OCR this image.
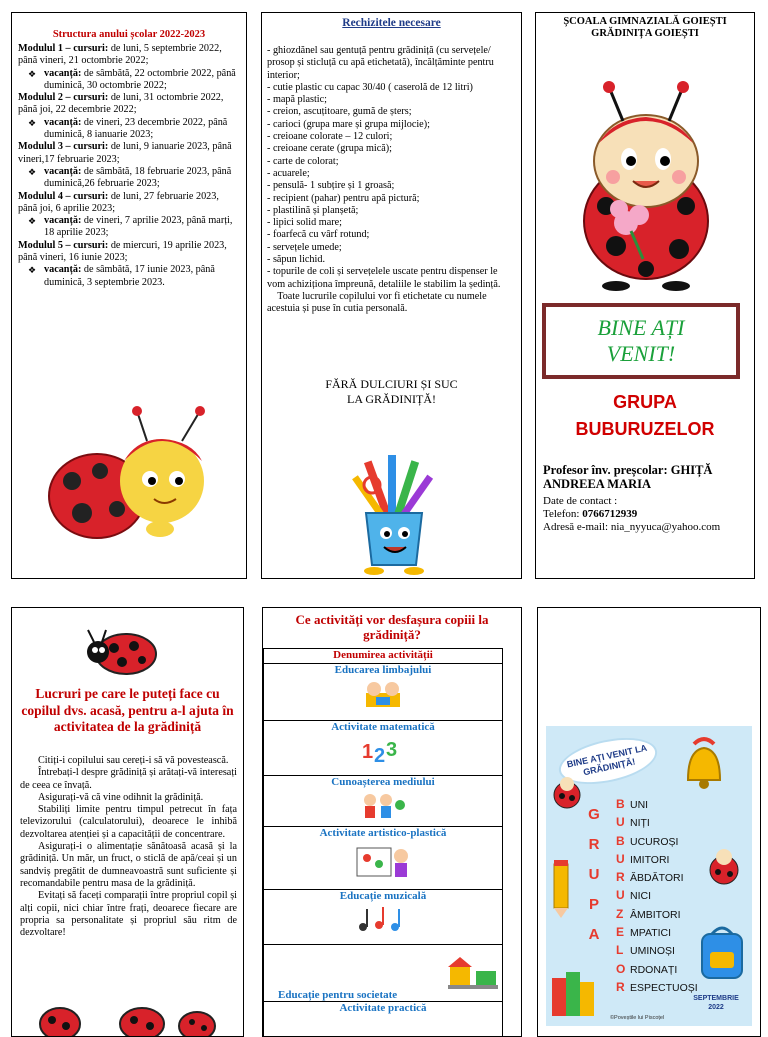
Structura anului școlar 2022-2023
Modulul 1 – cursuri: de luni, 5 septembrie 2022, până vineri, 21 octombrie 2022;
❖ vacanță: de sâmbătă, 22 octombrie 2022, până duminică, 30 octombrie 2022;
Modulul 2 – cursuri: de luni, 31 octombrie 2022, până joi, 22 decembrie 2022;
❖ vacanță: de vineri, 23 decembrie 2022, până duminică, 8 ianuarie 2023;
Modulul 3 – cursuri: de luni, 9 ianuarie 2023, până vineri,17 februarie 2023;
❖ vacanță: de sâmbătă, 18 februarie 2023, până duminică,26 februarie 2023;
Modulul 4 – cursuri: de luni, 27 februarie 2023, până joi, 6 aprilie 2023;
❖ vacanță: de vineri, 7 aprilie 2023, până marți, 18 aprilie 2023;
Modulul 5 – cursuri: de miercuri, 19 aprilie 2023, până vineri, 16 iunie 2023;
❖ vacanță: de sâmbătă, 17 iunie 2023, până duminică, 3 septembrie 2023.
Rechizitele necesare
- ghiozdănel sau gentuță pentru grădiniță (cu servețele/ prosop și sticluță cu apă etichetată), încălțăminte pentru interior;
- cutie plastic cu capac 30/40 ( caserolă de 12 litri)
- mapă plastic;
- creion, ascuțitoare, gumă de șters;
- carioci (grupa mare și grupa mijlocie);
- creioane colorate – 12 culori;
- creioane cerate (grupa mică);
- carte de colorat;
- acuarele;
- pensulă- 1 subțire și 1 groasă;
- recipient (pahar) pentru apă pictură;
- plastilină și planșetă;
- lipici solid mare;
- foarfecă cu vârf rotund;
- servețele umede;
- săpun lichid.
- topurile de coli și servețelele uscate pentru dispenser le vom achiziționa împreună, detaliile le stabilim la ședință.
Toate lucrurile copilului vor fi etichetate cu numele acestuia și puse în cutia personală.
FĂRĂ DULCIURI ȘI SUC
LA GRĂDINIȚĂ!
ȘCOALA GIMNAZIALĂ GOIEȘTI
GRĂDINIȚA GOIEȘTI
BINE AȚI
VENIT!
GRUPA
BUBURUZELOR
Profesor înv. preșcolar: GHIȚĂ ANDREEA MARIA
Date de contact :
Telefon: 0766712939
Adresă e-mail: nia_nyyuca@yahoo.com
Lucruri pe care le puteți face cu copilul dvs. acasă, pentru a-l ajuta în activitatea de la grădiniță

Citiți-i copilului sau cereți-i să vă povestească.

Întrebați-l despre grădiniță și arătați-vă interesați de ceea ce învață.

Asigurați-vă că vine odihnit la grădiniță.

Stabiliți limite pentru timpul petrecut în fața televizorului (calculatorului), deoarece le inhibă dezvoltarea atenției și a capacității de concentrare.

Asigurați-i o alimentație sănătoasă acasă și la grădiniță. Un măr, un fruct, o sticlă de apă/ceai și un sandviș pregătit de dumneavoastră sunt suficiente și recomandabile pentru masa de la grădiniță.

Evitați să faceți comparații între propriul copil și alți copii, nici chiar între frați, deoarece fiecare are propria sa personalitate și propriul său ritm de dezvoltare!

Ce activități vor desfașura copiii la grădiniță?
Denumirea activității

Educarea limbajului

Activitate matematică
1 2 3

Cunoașterea mediului

Activitate artistico-plastică

Educație muzicală

Educație pentru societate

Activitate practică
BINE AȚI VENIT LA GRĂDINIȚĂ!
G
R
U
P
A
B UNI
U NIȚI
B UCUROȘI
U IMITORI
R ĂBDĂTORI
U NICI
Z ÂMBITORI
E MPATICI
L UMINOȘI
O RDONAȚI
R ESPECTUOȘI
SEPTEMBRIE
2022
©Poveștile lui Piscoțel
